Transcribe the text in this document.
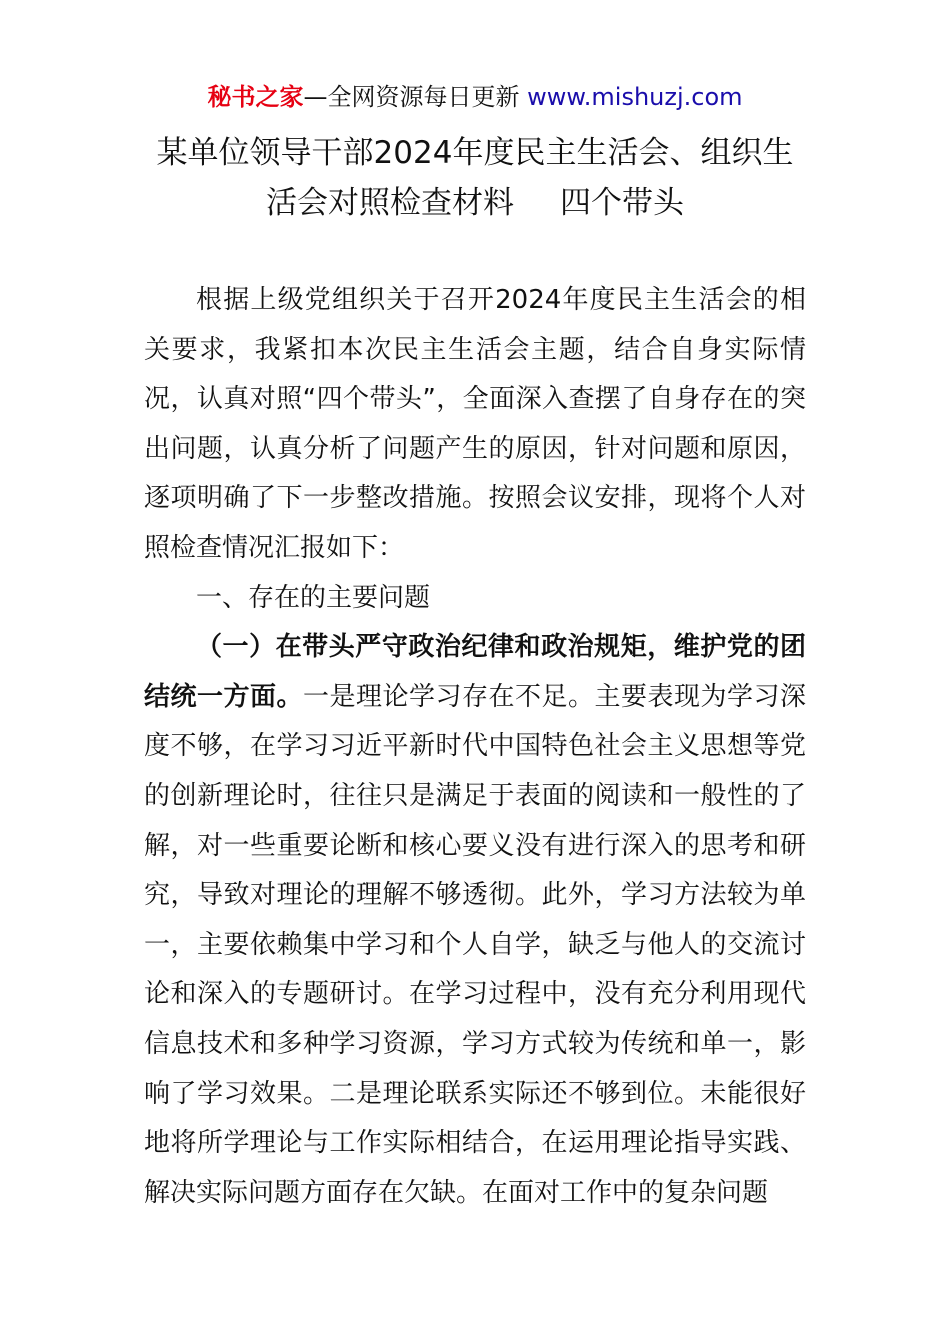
秘书之家—全网资源每日更新 www.mishuzj.com
某单位领导干部2024年度民主生活会、组织生
活会对照检查材料 四个带头

根据上级党组织关于召开2024年度民主生活会的相关要求，我紧扣本次民主生活会主题，结合自身实际情况，认真对照“四个带头”，全面深入查摆了自身存在的突出问题，认真分析了问题产生的原因，针对问题和原因，逐项明确了下一步整改措施。按照会议安排，现将个人对照检查情况汇报如下：

一、存在的主要问题

（一）在带头严守政治纪律和政治规矩，维护党的团结统一方面。一是理论学习存在不足。主要表现为学习深度不够，在学习习近平新时代中国特色社会主义思想等党的创新理论时，往往只是满足于表面的阅读和一般性的了解，对一些重要论断和核心要义没有进行深入的思考和研究，导致对理论的理解不够透彻。此外，学习方法较为单一，主要依赖集中学习和个人自学，缺乏与他人的交流讨论和深入的专题研讨。在学习过程中，没有充分利用现代信息技术和多种学习资源，学习方式较为传统和单一，影响了学习效果。二是理论联系实际还不够到位。未能很好地将所学理论与工作实际相结合，在运用理论指导实践、解决实际问题方面存在欠缺。在面对工作中的复杂问题
